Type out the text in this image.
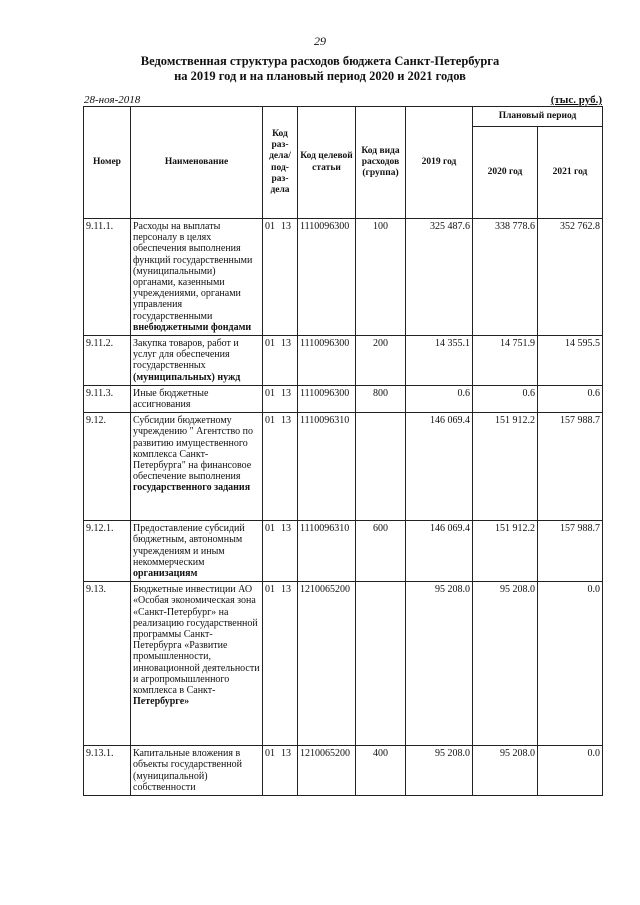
29
Ведомственная структура расходов бюджета Санкт-Петербурга
на 2019 год и на плановый период 2020 и 2021 годов
28-ноя-2018	(тыс. руб.)
Номер	Наименование	Код раз-дела/ под-раз-дела	Код целевой статьи	Код вида расходов (группа)	2019 год	Плановый период	
						2020 год	2021 год
9.11.1.	Расходы на выплаты персоналу в целях обеспечения выполнения функций государственными (муниципальными) органами, казенными учреждениями, органами управления государственными внебюджетными фондами	01 13	1110096300	100	325 487.6	338 778.6	352 762.8
9.11.2.	Закупка товаров, работ и услуг для обеспечения государственных (муниципальных) нужд	01 13	1110096300	200	14 355.1	14 751.9	14 595.5
9.11.3.	Иные бюджетные ассигнования	01 13	1110096300	800	0.6	0.6	0.6
9.12.	Субсидии бюджетному учреждению " Агентство по развитию имущественного комплекса Санкт-Петербурга" на финансовое обеспечение выполнения государственного задания	01 13	1110096310		146 069.4	151 912.2	157 988.7
9.12.1.	Предоставление субсидий бюджетным, автономным учреждениям и иным некоммерческим организациям	01 13	1110096310	600	146 069.4	151 912.2	157 988.7
9.13.	Бюджетные инвестиции АО «Особая экономическая зона «Санкт-Петербург» на реализацию государственной программы Санкт-Петербурга «Развитие промышленности, инновационной деятельности и агропромышленного комплекса в Санкт- Петербурге»	01 13	1210065200		95 208.0	95 208.0	0.0
9.13.1.	Капитальные вложения в объекты государственной (муниципальной) собственности	01 13	1210065200	400	95 208.0	95 208.0	0.0
